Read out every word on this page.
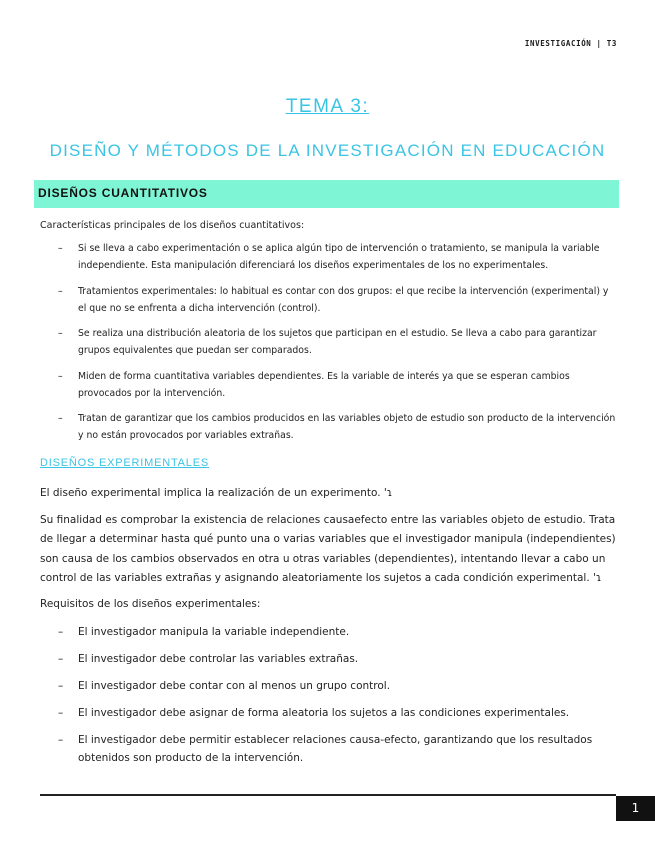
INVESTIGACIÓN | T3
TEMA 3:
DISEÑO Y MÉTODOS DE LA INVESTIGACIÓN EN EDUCACIÓN
DISEÑOS CUANTITATIVOS
Características principales de los diseños cuantitativos:
– Si se lleva a cabo experimentación o se aplica algún tipo de intervención o tratamiento, se manipula la variable independiente. Esta manipulación diferenciará los diseños experimentales de los no experimentales.
– Tratamientos experimentales: lo habitual es contar con dos grupos: el que recibe la intervención (experimental) y el que no se enfrenta a dicha intervención (control).
– Se realiza una distribución aleatoria de los sujetos que participan en el estudio. Se lleva a cabo para garantizar grupos equivalentes que puedan ser comparados.
– Miden de forma cuantitativa variables dependientes. Es la variable de interés ya que se esperan cambios provocados por la intervención.
– Tratan de garantizar que los cambios producidos en las variables objeto de estudio son producto de la intervención y no están provocados por variables extrañas.
DISEÑOS EXPERIMENTALES
El diseño experimental implica la realización de un experimento. ꞌɿ
Su finalidad es comprobar la existencia de relaciones causaefecto entre las variables objeto de estudio. Trata de llegar a determinar hasta qué punto una o varias variables que el investigador manipula (independientes) son causa de los cambios observados en otra u otras variables (dependientes), intentando llevar a cabo un control de las variables extrañas y asignando aleatoriamente los sujetos a cada condición experimental. ꞌɿ
Requisitos de los diseños experimentales:
– El investigador manipula la variable independiente.
– El investigador debe controlar las variables extrañas.
– El investigador debe contar con al menos un grupo control.
– El investigador debe asignar de forma aleatoria los sujetos a las condiciones experimentales.
– El investigador debe permitir establecer relaciones causa-efecto, garantizando que los resultados obtenidos son producto de la intervención.
1
